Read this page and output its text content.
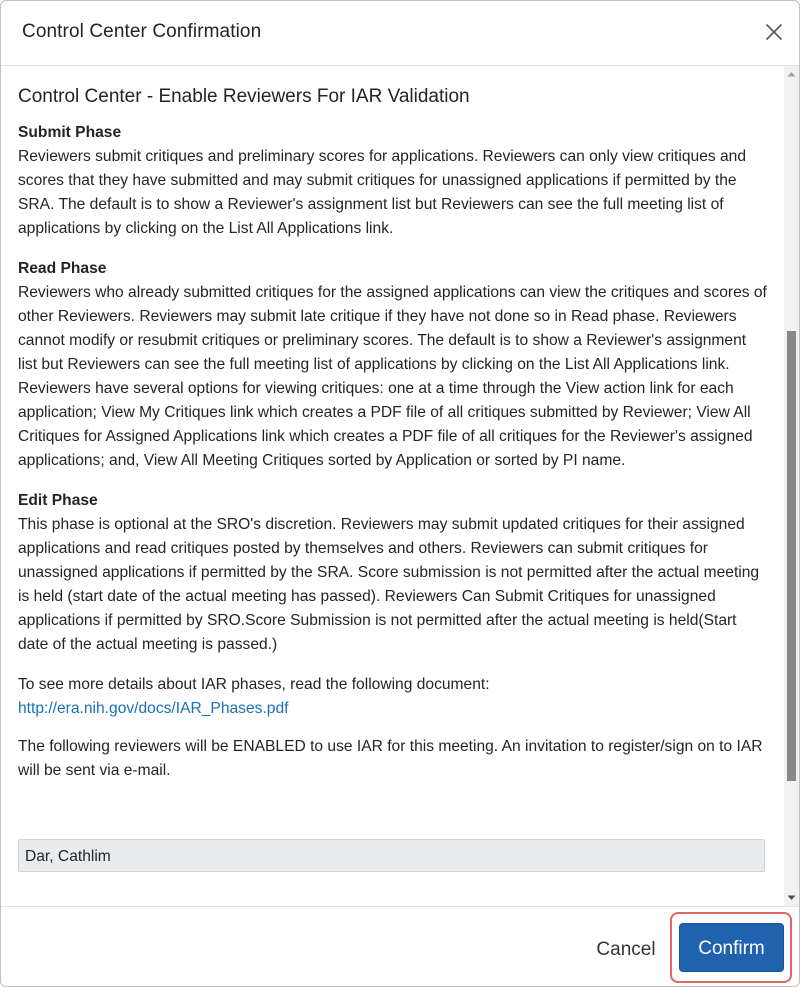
Control Center Confirmation
Control Center - Enable Reviewers For IAR Validation
Submit Phase
Reviewers submit critiques and preliminary scores for applications. Reviewers can only view critiques and scores that they have submitted and may submit critiques for unassigned applications if permitted by the SRA. The default is to show a Reviewer's assignment list but Reviewers can see the full meeting list of applications by clicking on the List All Applications link.
Read Phase
Reviewers who already submitted critiques for the assigned applications can view the critiques and scores of other Reviewers. Reviewers may submit late critique if they have not done so in Read phase. Reviewers cannot modify or resubmit critiques or preliminary scores. The default is to show a Reviewer's assignment list but Reviewers can see the full meeting list of applications by clicking on the List All Applications link. Reviewers have several options for viewing critiques: one at a time through the View action link for each application; View My Critiques link which creates a PDF file of all critiques submitted by Reviewer; View All Critiques for Assigned Applications link which creates a PDF file of all critiques for the Reviewer's assigned applications; and, View All Meeting Critiques sorted by Application or sorted by PI name.
Edit Phase
This phase is optional at the SRO's discretion. Reviewers may submit updated critiques for their assigned applications and read critiques posted by themselves and others. Reviewers can submit critiques for unassigned applications if permitted by the SRA. Score submission is not permitted after the actual meeting is held (start date of the actual meeting has passed). Reviewers Can Submit Critiques for unassigned applications if permitted by SRO.Score Submission is not permitted after the actual meeting is held(Start date of the actual meeting is passed.)
To see more details about IAR phases, read the following document:
http://era.nih.gov/docs/IAR_Phases.pdf
The following reviewers will be ENABLED to use IAR for this meeting. An invitation to register/sign on to IAR will be sent via e-mail.
Dar, Cathlim
Cancel	Confirm
